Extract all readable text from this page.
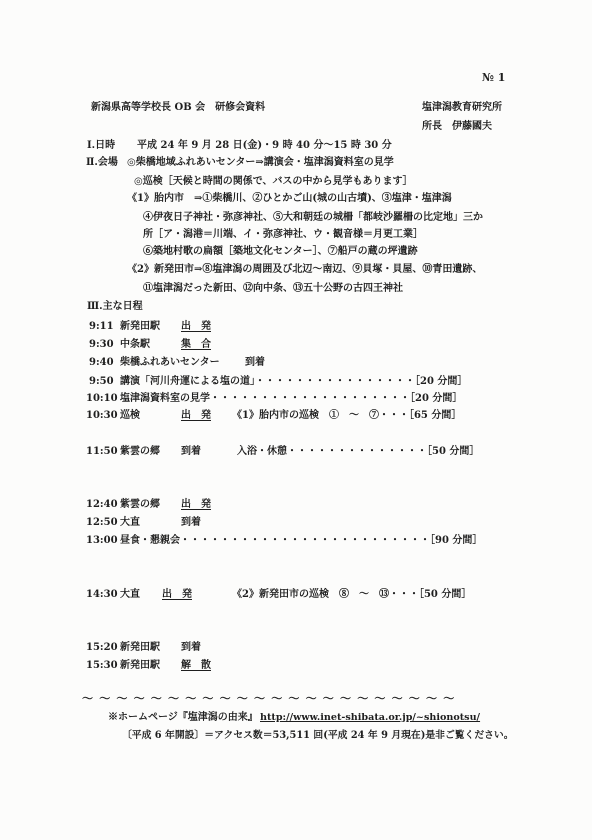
№ 1
新潟県高等学校長 OB 会　研修会資料	塩津潟教育研究所
所長　伊藤國夫
Ⅰ.日時 平成 24 年 9 月 28 日(金)・9 時 40 分～15 時 30 分
Ⅱ.会場 ◎柴橋地域ふれあいセンター⇒講演会・塩津潟資料室の見学
◎巡検［天候と時間の関係で、バスの中から見学もあります］
《1》胎内市　⇒①柴橋川、②ひとかご山(城の山古墳)、③塩津・塩津潟
④伊夜日子神社・弥彦神社、⑤大和朝廷の城柵「都岐沙羅柵の比定地」三か
所［ア・潟港＝川端、イ・弥彦神社、ウ・観音様＝月更工業］
⑥築地村歌の扁額［築地文化センター］、⑦船戸の蔵の坪遺跡
《2》新発田市⇒⑧塩津潟の周囲及び北辺～南辺、⑨貝塚・貝屋、⑩青田遺跡、
⑪塩津潟だった新田、⑫向中条、⑬五十公野の古四王神社
Ⅲ.主な日程
9:11 新発田駅 出　発
9:30 中条駅	集　合
9:40 柴橋ふれあいセンター	到着
9:50 講演「河川舟運による塩の道」・・・・・・・・・・・・・・・・［20 分間］
10:10 塩津潟資料室の見学・・・・・・・・・・・・・・・・・・・・［20 分間］
10:30 巡検	出　発 《1》胎内市の巡検　①　～　⑦・・・［65 分間］
11:50 紫雲の郷 到着	入浴・休憩・・・・・・・・・・・・・・［50 分間］
12:40 紫雲の郷 出　発
12:50 大直	到着
13:00 昼食・懇親会・・・・・・・・・・・・・・・・・・・・・・・・・［90 分間］
14:30 大直 出　発	《2》新発田市の巡検　⑧　～　⑬・・・［50 分間］
15:20 新発田駅 到着
15:30 新発田駅 解　散
～～～～～～～～～～～～～～～～～～～～～～
※ホームページ『塩津潟の由来』 http://www.inet-shibata.or.jp/~shionotsu/
〔平成 6 年開設〕＝アクセス数＝53,511 回(平成 24 年 9 月現在)是非ご覧ください。
